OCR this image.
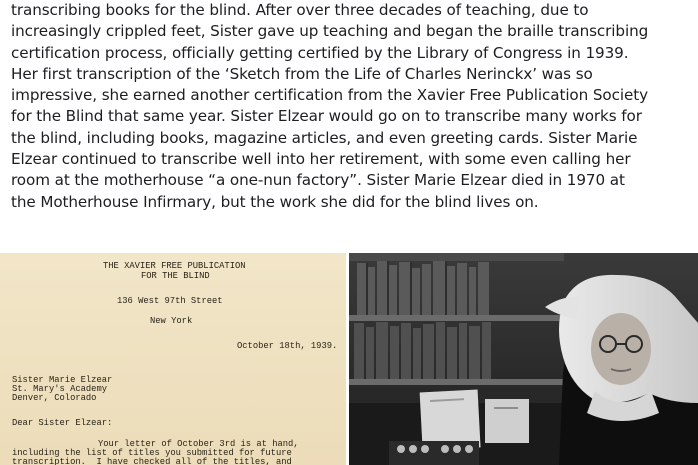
transcribing books for the blind. After over three decades of teaching, due to

increasingly crippled feet, Sister gave up teaching and began the braille transcribing

certification process, officially getting certified by the Library of Congress in 1939.

Her first transcription of the ‘Sketch from the Life of Charles Nerinckx’ was so

impressive, she earned another certification from the Xavier Free Publication Society

for the Blind that same year. Sister Elzear would go on to transcribe many works for

the blind, including books, magazine articles, and even greeting cards. Sister Marie

Elzear continued to transcribe well into her retirement, with some even calling her

room at the motherhouse “a one-nun factory”. Sister Marie Elzear died in 1970 at

the Motherhouse Infirmary, but the work she did for the blind lives on.

THE XAVIER FREE PUBLICATION
FOR THE BLIND
136 West 97th Street
New York
October 18th, 1939.
Sister Marie Elzear
St. Mary's Academy
Denver, Colorado
Dear Sister Elzear:
Your letter of October 3rd is at hand,
including the list of titles you submitted for future
transcription.  I have checked all of the titles, and
